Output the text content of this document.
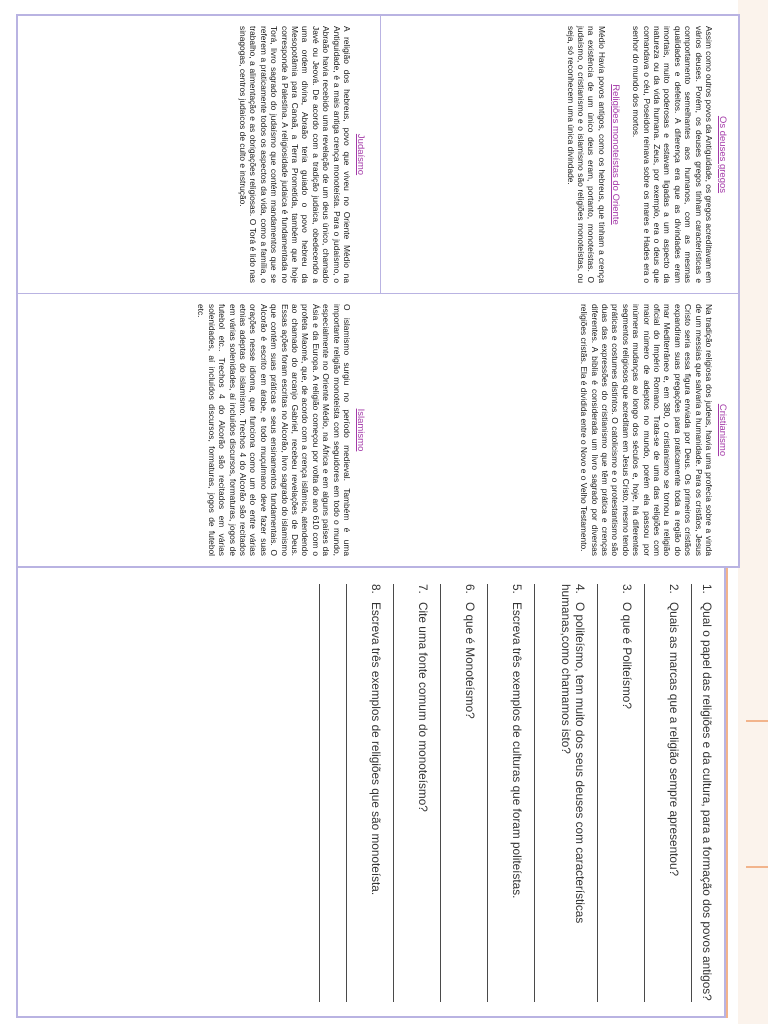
Os deuses gregos

Assim como outros povos da Antiguidade, os gregos acreditavam em vários deuses. Porém, os deuses gregos tinham características e comportamento semelhantes aos humanos, com as mesmas qualidades e defeitos. A diferença era que as divindades eram imortais, muito poderosas e estavam ligadas a um aspecto da natureza ou da vida humana. Zeus, por exemplo, era o deus que comandava o céu, Poseidon reinava sobre os mares e Hades era o senhor do mundo dos mortos.

Religiões monoteístas do Oriente

Médio Havia povos antigos, como os hebreus, que tinham a crença na existência de um único deus eram, portanto, monoteístas. O judaísmo, o cristianismo e o islamismo são religiões monoteístas, ou seja, só reconhecem uma única divindade.

Cristianismo

Na tradição religiosa dos judeus, havia uma profecia sobre a vinda de um messias que salvaria a humanidade. Para os cristãos, Jesus Cristo seria essa figura enviada por Deus. Os primeiros cristãos expandiram suas pregações para praticamente toda a região do mar Mediterrâneo e, em 380, o cristianismo se tornou a religião oficial do Império Romano. Trata-se de uma das religiões com maior número de adeptos no mundo, porém ela passou por inúmeras mudanças ao longo dos séculos e, hoje, há diferentes segmentos religiosos que acreditam em Jesus Cristo, mesmo tendo práticas e costumes distintos. O catolicismo e o protestantismo são duas das expressões do cristianismo que têm prática e crenças diferentes. A bíblia é considerada um livro sagrado por diversas religiões cristãs. Ela é dividida entre o Novo e o Velho Testamento.

Judaísmo

A religião dos hebreus, povo que viveu no Oriente Médio na Antiguidade, é a mais antiga crença monoteísta. Para o judaísmo, o Abraão havia recebido uma revelação de um deus único, chamado Javé ou Jeová. De acordo com a tradição judaica, obedecendo a uma ordem divina, Abraão teria guiado o povo hebreu da Mesopotâmia para Canaã, a Terra Prometida, também que hoje corresponde à Palestina. A religiosidade judaica é fundamentada no Torá, livro sagrado do judaísmo que contém mandamentos que se referem a praticamente todos os aspectos da vida, como a família, o trabalho, a alimentação e as obrigações religiosas. O Torá é lido nas sinagogas, centros judaicos de culto e instrução.

Islamismo

O islamismo surgiu no período medieval. Também é uma importante religião monoteísta com seguidores em todo o mundo, especialmente no Oriente Médio, na África e em alguns países da Ásia e da Europa. A religião começou por volta do ano 610 com o profeta Maomé, que, de acordo com a crença islâmica, atendendo ao chamado do arcanjo Gabriel, recebeu revelações de Deus. Essas ações foram escritas no Alcorão, livro sagrado do islamismo que contém suas práticas e seus ensinamentos fundamentais. O Alcorão é escrito em árabe, e todo muçulmano deve fazer suas orações nesse idioma, que funciona como um elo entre várias etnias adeptas do islamismo. Trechos 4 do Alcorão são recitados em várias solenidades, aí incluídos discursos, formaturas, jogos de futebol etc.. Trechos 4 do Alcorão são recitados em várias solenidades, aí incluídos discursos, formaturas, jogos de futebol etc.

1.Qual o papel das religiões e da cultura, para a formação dos povos antigos?
2.Quais as marcas que a religião sempre apresentou?
3.O que é Politeísmo?
4.O politeísmo, tem muito dos seus deuses com características humanas,como chamamos isto?
5.Escreva três exemplos de culturas que foram politeístas.
6.O que é Monoteísmo?
7.Cite uma fonte comum do monoteísmo?
8.Escreva três exemplos de religiões que são monoteísta.
